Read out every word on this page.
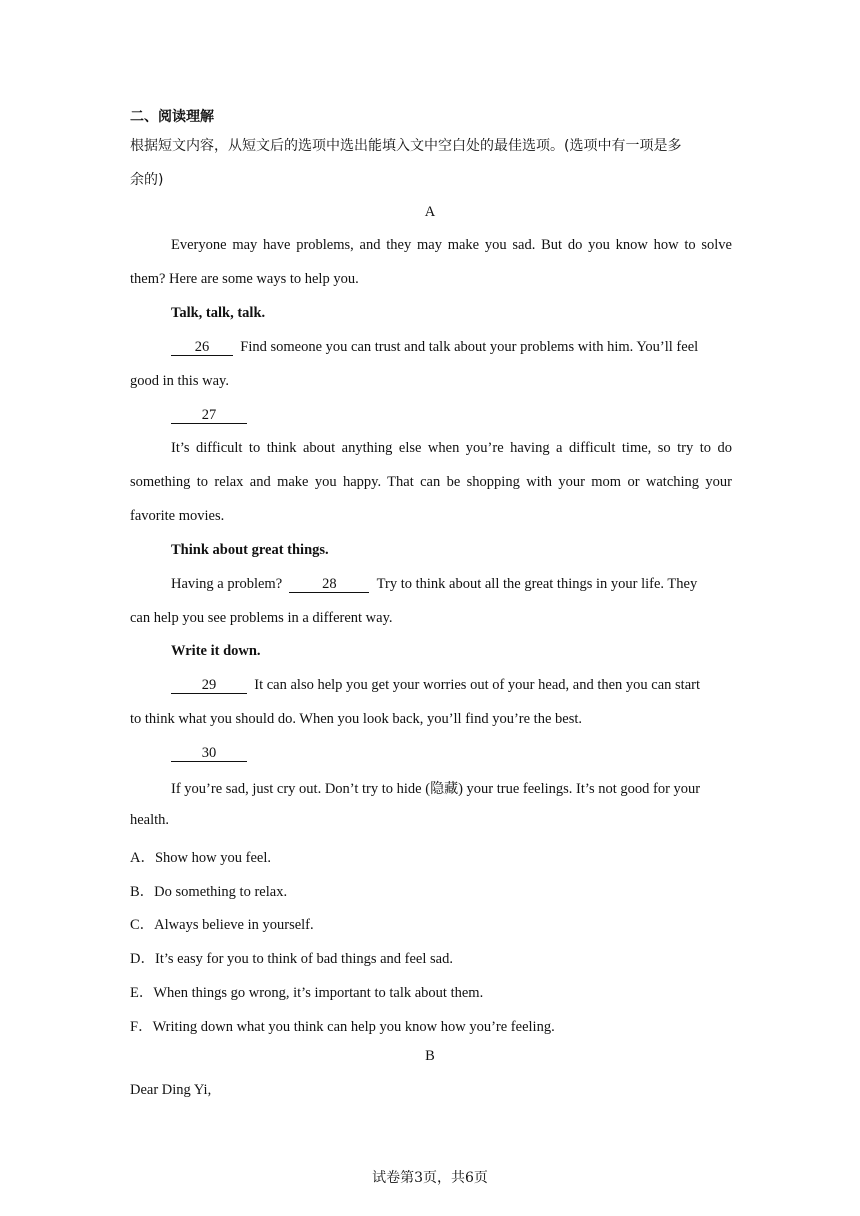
二、阅读理解
根据短文内容，从短文后的选项中选出能填入文中空白处的最佳选项。(选项中有一项是多
余的)
A
Everyone may have problems, and they may make you sad. But do you know how to solve
them? Here are some ways to help you.
Talk, talk, talk.
26 Find someone you can trust and talk about your problems with him. You’ll feel
good in this way.
27
It’s difficult to think about anything else when you’re having a difficult time, so try to do
something to relax and make you happy. That can be shopping with your mom or watching your
favorite movies.
Think about great things.
Having a problem?	28	Try to think about all the great things in your life. They
can help you see problems in a different way.
Write it down.
29	It can also help you get your worries out of your head, and then you can start
to think what you should do. When you look back, you’ll find you’re the best.
30
If you’re sad, just cry out. Don’t try to hide (隐藏) your true feelings. It’s not good for your
health.
A．Show how you feel.
B．Do something to relax.
C．Always believe in yourself.
D．It’s easy for you to think of bad things and feel sad.
E．When things go wrong, it’s important to talk about them.
F．Writing down what you think can help you know how you’re feeling.
B
Dear Ding Yi,
试卷第3页，共6页
